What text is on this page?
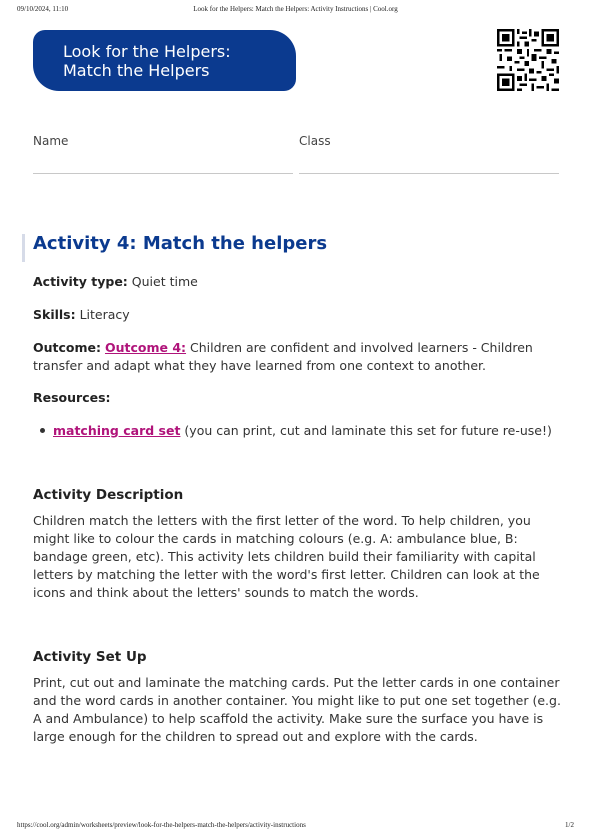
09/10/2024, 11:10	Look for the Helpers: Match the Helpers: Activity Instructions | Cool.org
Look for the Helpers:
Match the Helpers
Name	Class
Activity 4: Match the helpers
Activity type: Quiet time
Skills: Literacy
Outcome: Outcome 4: Children are confident and involved learners - Children
transfer and adapt what they have learned from one context to another.
Resources:
matching card set (you can print, cut and laminate this set for future re-use!)
Activity Description

Children match the letters with the first letter of the word. To help children, you might like to colour the cards in matching colours (e.g. A: ambulance blue, B: bandage green, etc). This activity lets children build their familiarity with capital letters by matching the letter with the word's first letter. Children can look at the icons and think about the letters' sounds to match the words.

Activity Set Up

Print, cut out and laminate the matching cards. Put the letter cards in one container and the word cards in another container. You might like to put one set together (e.g. A and Ambulance) to help scaffold the activity. Make sure the surface you have is large enough for the children to spread out and explore with the cards.

https://cool.org/admin/worksheets/preview/look-for-the-helpers-match-the-helpers/activity-instructions	1/2
